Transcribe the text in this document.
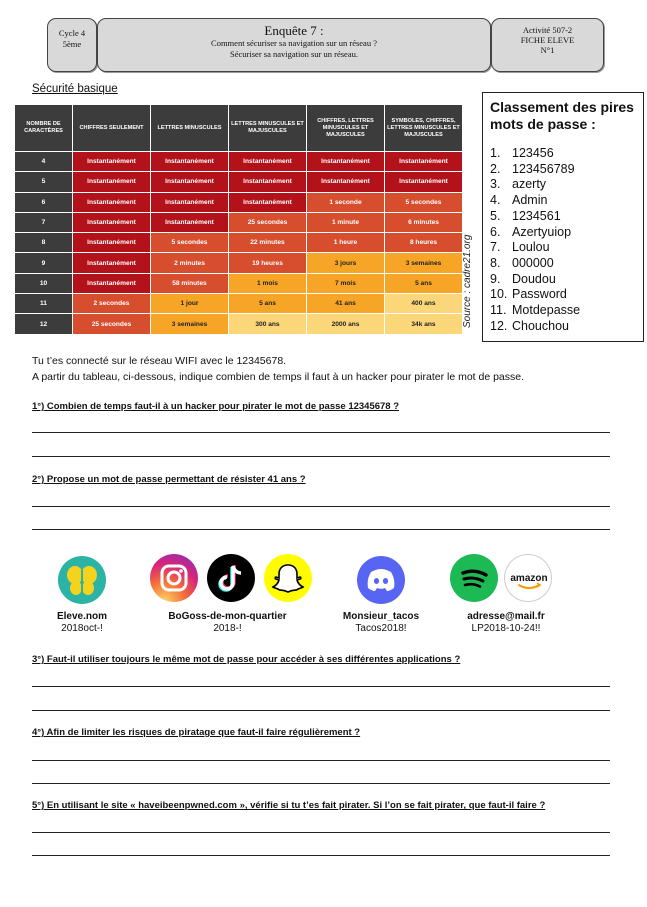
Cycle 4
5ème
Enquête 7 :
Comment sécuriser sa navigation sur un réseau ?
Sécuriser sa navigation sur un réseau.
Activité 507-2
FICHE ELEVE
N°1
Sécurité basique
NOMBRE DE CARACTÈRES	CHIFFRES SEULEMENT	LETTRES MINUSCULES	LETTRES MINUSCULES ET MAJUSCULES	CHIFFRES, LETTRES MINUSCULES ET MAJUSCULES	SYMBOLES, CHIFFRES, LETTRES MINUSCULES ET MAJUSCULES
4	Instantanément	Instantanément	Instantanément	Instantanément	Instantanément
5	Instantanément	Instantanément	Instantanément	Instantanément	Instantanément
6	Instantanément	Instantanément	Instantanément	1 seconde	5 secondes
7	Instantanément	Instantanément	25 secondes	1 minute	6 minutes
8	Instantanément	5 secondes	22 minutes	1 heure	8 heures
9	Instantanément	2 minutes	19 heures	3 jours	3 semaines
10	Instantanément	58 minutes	1 mois	7 mois	5 ans
11	2 secondes	1 jour	5 ans	41 ans	400 ans
12	25 secondes	3 semaines	300 ans	2000 ans	34k ans	Source : cadre21.org
Classement des pires mots de passe :
1. 123456
2. 123456789
3. azerty
4. Admin
5. 1234561
6. Azertyuiop
7. Loulou
8. 000000
9. Doudou
10. Password
11. Motdepasse
12. Chouchou
Tu t’es connecté sur le réseau WIFI avec le 12345678.
A partir du tableau, ci-dessous, indique combien de temps il faut à un hacker pour pirater le mot de passe.
1°) Combien de temps faut-il à un hacker pour pirater le mot de passe 12345678 ?
2°) Propose un mot de passe permettant de résister 41 ans ?
Eleve.nom
2018oct-!
BoGoss-de-mon-quartier
2018-!
Monsieur_tacos
Tacos2018!
amazon
adresse@mail.fr
LP2018-10-24!!
3°) Faut-il utiliser toujours le même mot de passe pour accéder à ses différentes applications ?
4°) Afin de limiter les risques de piratage que faut-il faire régulièrement ?
5°) En utilisant le site « haveibeenpwned.com », vérifie si tu t’es fait pirater. Si l’on se fait pirater, que faut-il faire ?
